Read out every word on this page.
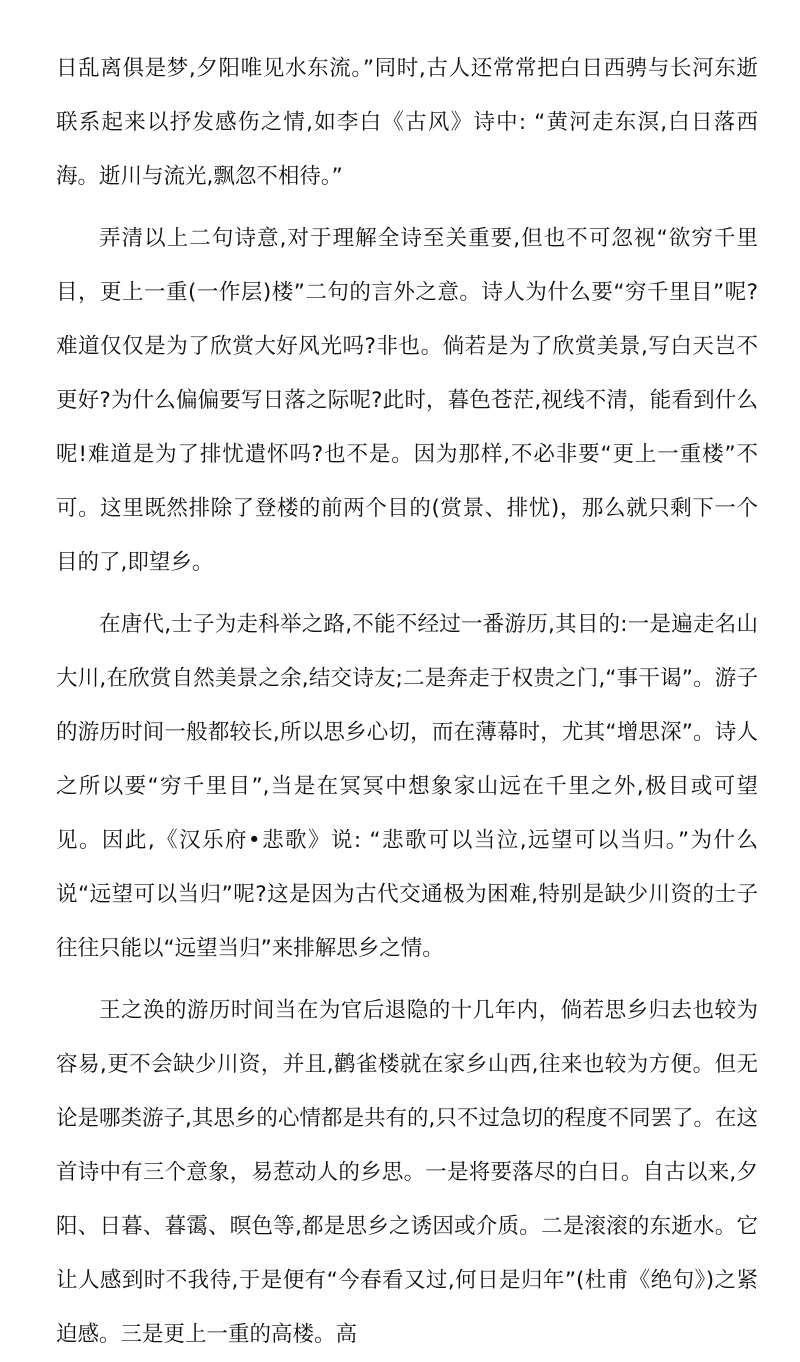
日乱离俱是梦,夕阳唯见水东流。”同时,古人还常常把白日西骋与长河东逝联系起来以抒发感伤之情,如李白《古风》诗中: “黄河走东溟,白日落西海。逝川与流光,飘忽不相待。”

弄清以上二句诗意,对于理解全诗至关重要,但也不可忽视“欲穷千里目，更上一重(一作层)楼”二句的言外之意。诗人为什么要“穷千里目”呢?难道仅仅是为了欣赏大好风光吗?非也。倘若是为了欣赏美景,写白天岂不更好?为什么偏偏要写日落之际呢?此时，暮色苍茫,视线不清，能看到什么呢!难道是为了排忧遣怀吗?也不是。因为那样,不必非要“更上一重楼”不可。这里既然排除了登楼的前两个目的(赏景、排忧)，那么就只剩下一个目的了,即望乡。

在唐代,士子为走科举之路,不能不经过一番游历,其目的:一是遍走名山大川,在欣赏自然美景之余,结交诗友;二是奔走于权贵之门,“事干谒”。游子的游历时间一般都较长,所以思乡心切，而在薄幕时，尤其“增思深”。诗人之所以要“穷千里目”,当是在冥冥中想象家山远在千里之外,极目或可望见。因此,《汉乐府•悲歌》说: “悲歌可以当泣,远望可以当归。”为什么说“远望可以当归”呢?这是因为古代交通极为困难,特别是缺少川资的士子往往只能以“远望当归”来排解思乡之情。

王之涣的游历时间当在为官后退隐的十几年内，倘若思乡归去也较为容易,更不会缺少川资，并且,鹳雀楼就在家乡山西,往来也较为方便。但无论是哪类游子,其思乡的心情都是共有的,只不过急切的程度不同罢了。在这首诗中有三个意象，易惹动人的乡思。一是将要落尽的白日。自古以来,夕阳、日暮、暮霭、暝色等,都是思乡之诱因或介质。二是滚滚的东逝水。它让人感到时不我待,于是便有“今春看又过,何日是归年”(杜甫《绝句》)之紧迫感。三是更上一重的高楼。高
